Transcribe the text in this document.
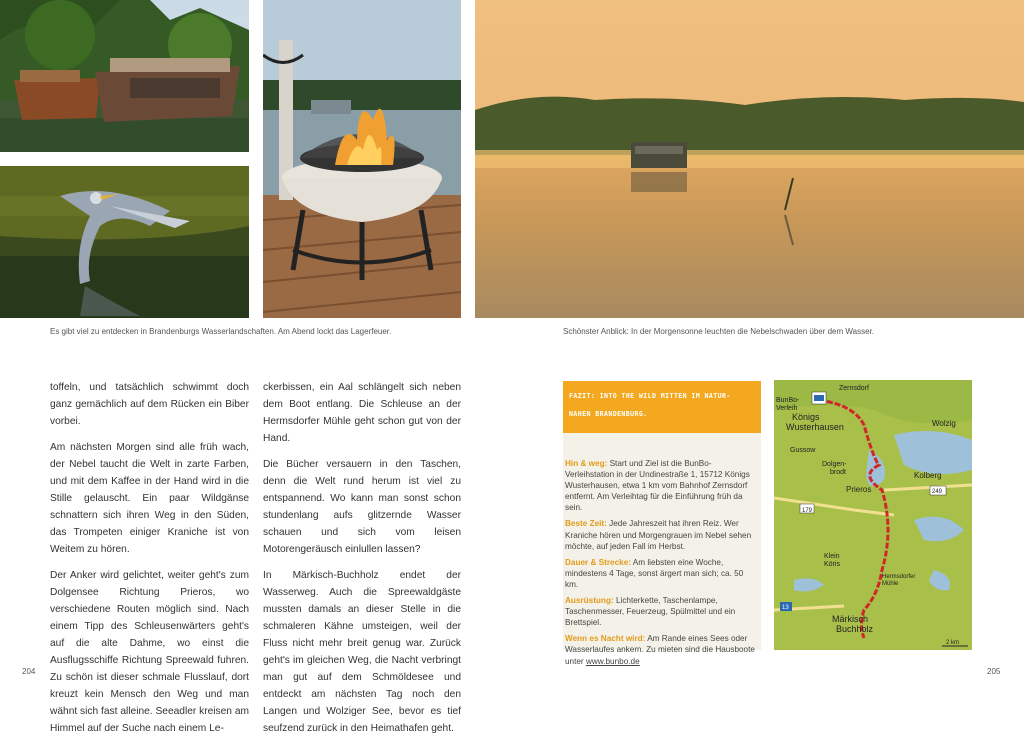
Es gibt viel zu entdecken in Brandenburgs Wasserlandschaften. Am Abend lockt das Lagerfeuer.	Schönster Anblick: In der Morgensonne leuchten die Nebelschwaden über dem Wasser.

toffeln, und tatsächlich schwimmt doch ganz gemächlich auf dem Rücken ein Biber vorbei.

Am nächsten Morgen sind alle früh wach, der Nebel taucht die Welt in zarte Farben, und mit dem Kaffee in der Hand wird in die Stille gelauscht. Ein paar Wildgänse schnattern sich ihren Weg in den Süden, das Trompeten einiger Kraniche ist von Weitem zu hören.

Der Anker wird gelichtet, weiter geht's zum Dolgensee Richtung Prieros, wo verschiedene Routen möglich sind. Nach einem Tipp des Schleusenwärters geht's auf die alte Dahme, wo einst die Ausflugsschiffe Richtung Spreewald fuhren. Zu schön ist dieser schmale Flusslauf, dort kreuzt kein Mensch den Weg und man wähnt sich fast alleine. Seeadler kreisen am Himmel auf der Suche nach einem Le-

ckerbissen, ein Aal schlängelt sich neben dem Boot entlang. Die Schleuse an der Hermsdorfer Mühle geht schon gut von der Hand.

Die Bücher versauern in den Taschen, denn die Welt rund herum ist viel zu entspannend. Wo kann man sonst schon stundenlang aufs glitzernde Wasser schauen und sich vom leisen Motorengeräusch einlullen lassen?

In Märkisch-Buchholz endet der Wasserweg. Auch die Spreewaldgäste mussten damals an dieser Stelle in die schmaleren Kähne umsteigen, weil der Fluss nicht mehr breit genug war. Zurück geht's im gleichen Weg, die Nacht verbringt man gut auf dem Schmöldesee und entdeckt am nächsten Tag noch den Langen und Wolziger See, bevor es tief seufzend zurück in den Heimathafen geht.

FAZIT: INTO THE WILD MITTEN IM NATUR-
NAHEN BRANDENBURG.
Hin & weg: Start und Ziel ist die BunBo-Verleihstation in der Undinestraße 1, 15712 Königs Wusterhausen, etwa 1 km vom Bahnhof Zernsdorf entfernt. Am Verleihtag für die Einführung früh da sein.
Beste Zeit: Jede Jahreszeit hat ihren Reiz. Wer Kraniche hören und Morgengrauen im Nebel sehen möchte, auf jeden Fall im Herbst.
Dauer & Strecke: Am liebsten eine Woche, mindestens 4 Tage, sonst ärgert man sich; ca. 50 km.
Ausrüstung: Lichterkette, Taschenlampe, Taschenmesser, Feuerzeug, Spülmittel und ein Brettspiel.
Wenn es Nacht wird: Am Rande eines Sees oder Wasserlaufes ankern. Zu mieten sind die Hausboote unter www.bunbo.de
Zernsdorf
BunBo-
Verleih
Königs
Wusterhausen	Wolzig
Gussow
Dolgen-
brodt	Kolberg
Prieros
179
249
Klein
Köris
Hermsdorfer
Mühle
13
Märkisch
Buchholz
2 km
204	205
